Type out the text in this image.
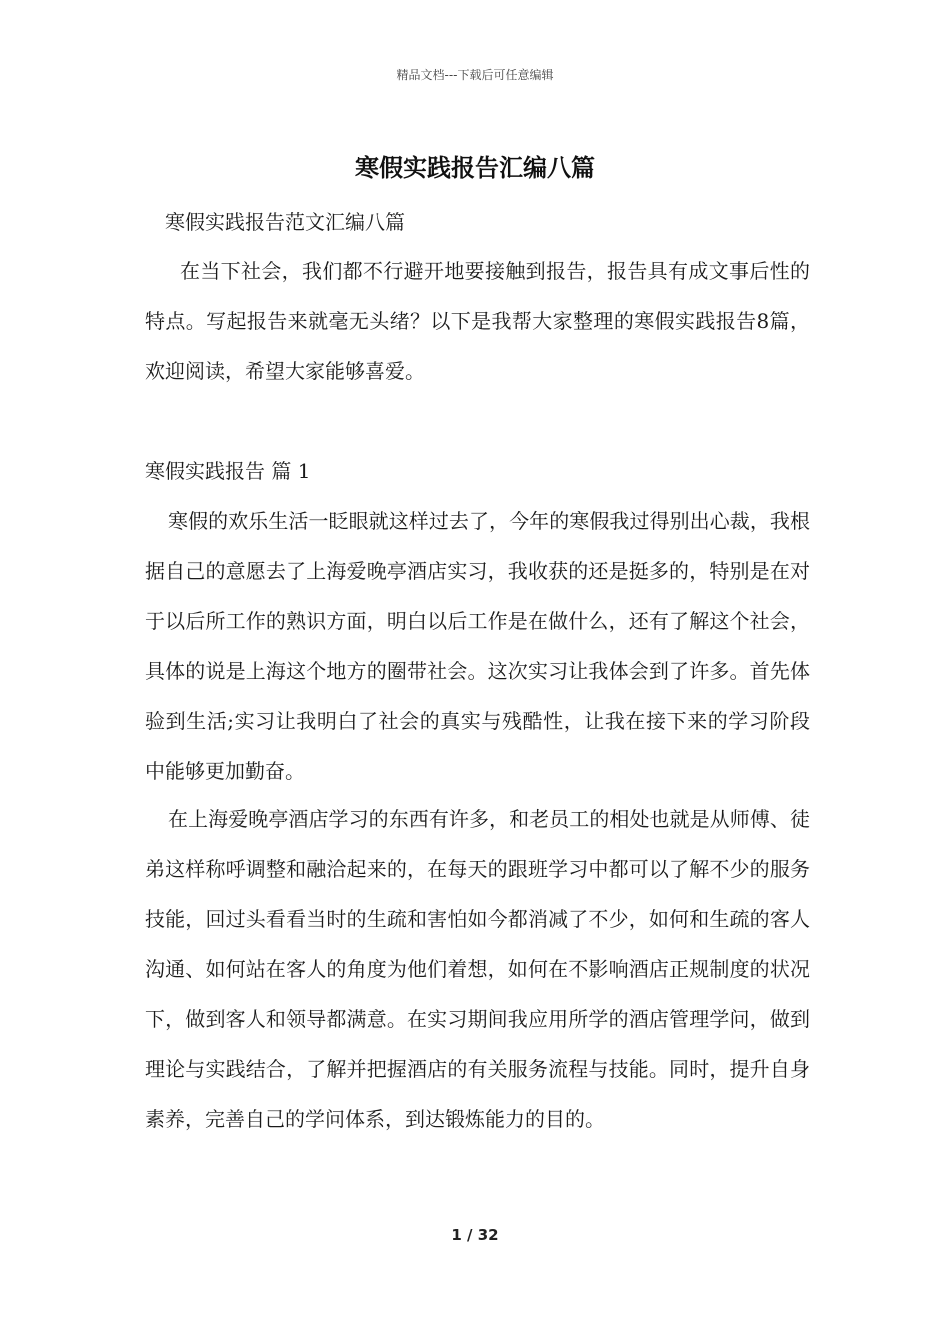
精品文档---下载后可任意编辑
寒假实践报告汇编八篇

寒假实践报告范文汇编八篇

在当下社会，我们都不行避开地要接触到报告，报告具有成文事后性的特点。写起报告来就毫无头绪？以下是我帮大家整理的寒假实践报告8篇，欢迎阅读，希望大家能够喜爱。

寒假实践报告 篇 1

寒假的欢乐生活一眨眼就这样过去了，今年的寒假我过得别出心裁，我根据自己的意愿去了上海爱晚亭酒店实习，我收获的还是挺多的，特别是在对于以后所工作的熟识方面，明白以后工作是在做什么，还有了解这个社会，具体的说是上海这个地方的圈带社会。这次实习让我体会到了许多。首先体验到生活;实习让我明白了社会的真实与残酷性，让我在接下来的学习阶段中能够更加勤奋。

在上海爱晚亭酒店学习的东西有许多，和老员工的相处也就是从师傅、徒弟这样称呼调整和融洽起来的，在每天的跟班学习中都可以了解不少的服务技能，回过头看看当时的生疏和害怕如今都消减了不少，如何和生疏的客人沟通、如何站在客人的角度为他们着想，如何在不影响酒店正规制度的状况下，做到客人和领导都满意。在实习期间我应用所学的酒店管理学问，做到理论与实践结合，了解并把握酒店的有关服务流程与技能。同时，提升自身素养，完善自己的学问体系，到达锻炼能力的目的。

1 / 32
